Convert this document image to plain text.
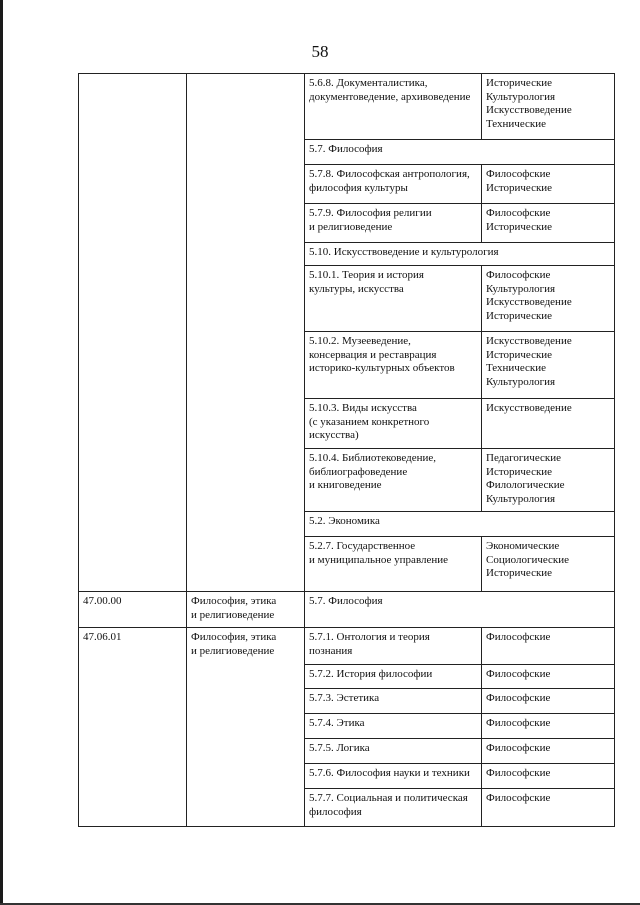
58
		5.6.8. Документалистика,
документоведение, архивоведение	Исторические
Культурология
Искусствоведение
Технические
		5.7. Философия	
		5.7.8. Философская антропология,
философия культуры	Философские
Исторические
		5.7.9. Философия религии
и религиоведение	Философские
Исторические
		5.10. Искусствоведение и культурология	
		5.10.1. Теория и история
культуры, искусства	Философские
Культурология
Искусствоведение
Исторические
		5.10.2. Музееведение,
консервация и реставрация
историко-культурных объектов	Искусствоведение
Исторические
Технические
Культурология
		5.10.3. Виды искусства
(с указанием конкретного
искусства)	Искусствоведение
		5.10.4. Библиотековедение,
библиографоведение
и книговедение	Педагогические
Исторические
Филологические
Культурология
		5.2. Экономика	
		5.2.7. Государственное
и муниципальное управление	Экономические
Социологические
Исторические
47.00.00	Философия, этика
и религиоведение	5.7. Философия	
47.06.01	Философия, этика
и религиоведение	5.7.1. Онтология и теория
познания	Философские
		5.7.2. История философии	Философские
		5.7.3. Эстетика	Философские
		5.7.4. Этика	Философские
		5.7.5. Логика	Философские
		5.7.6. Философия науки и техники	Философские
		5.7.7. Социальная и политическая
философия	Философские
